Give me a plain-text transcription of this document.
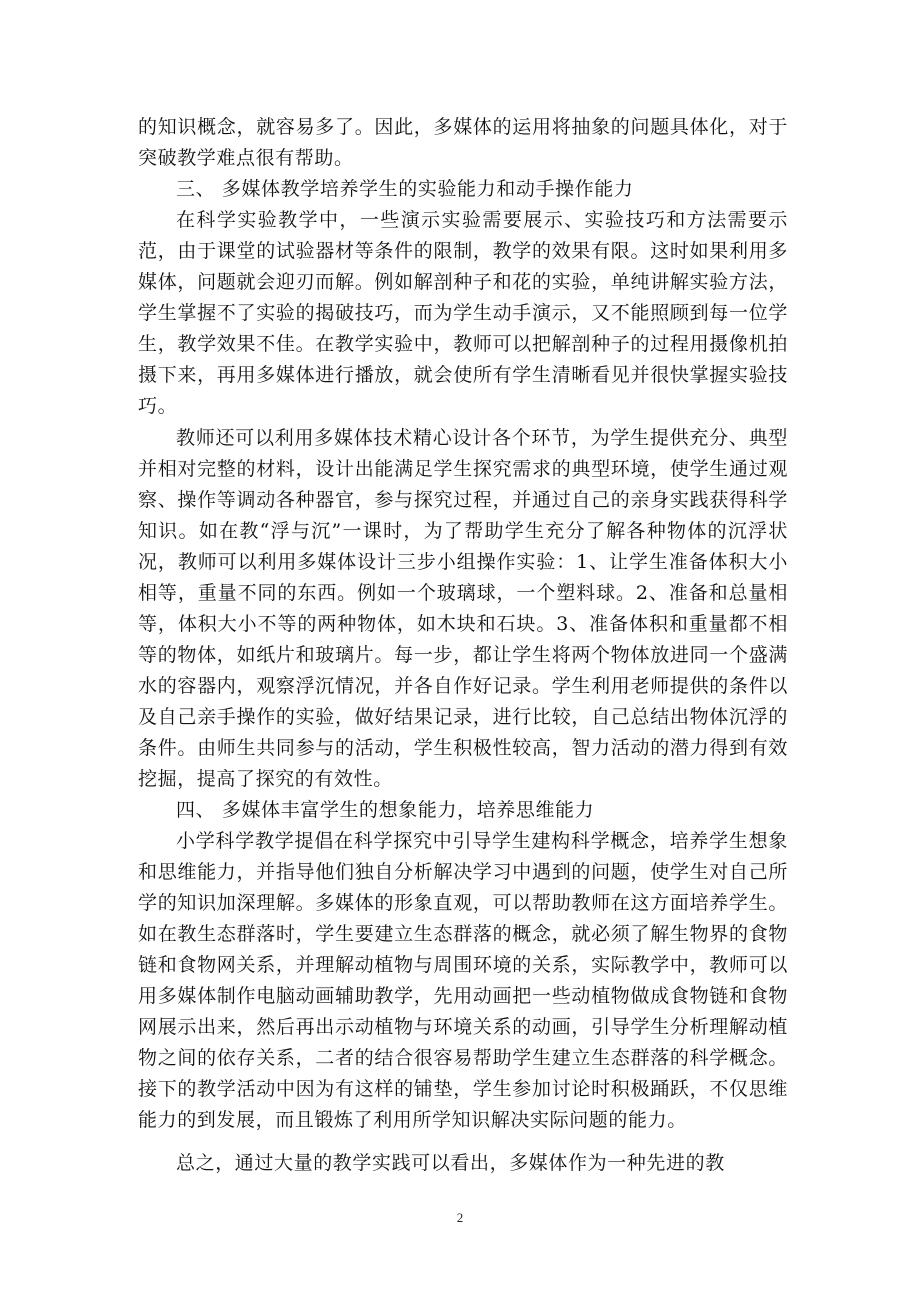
的知识概念，就容易多了。因此，多媒体的运用将抽象的问题具体化，对于突破教学难点很有帮助。

三、 多媒体教学培养学生的实验能力和动手操作能力

在科学实验教学中，一些演示实验需要展示、实验技巧和方法需要示范，由于课堂的试验器材等条件的限制，教学的效果有限。这时如果利用多媒体，问题就会迎刃而解。例如解剖种子和花的实验，单纯讲解实验方法，学生掌握不了实验的揭破技巧，而为学生动手演示，又不能照顾到每一位学生，教学效果不佳。在教学实验中，教师可以把解剖种子的过程用摄像机拍摄下来，再用多媒体进行播放，就会使所有学生清晰看见并很快掌握实验技巧。

教师还可以利用多媒体技术精心设计各个环节，为学生提供充分、典型并相对完整的材料，设计出能满足学生探究需求的典型环境，使学生通过观察、操作等调动各种器官，参与探究过程，并通过自己的亲身实践获得科学知识。如在教“浮与沉”一课时，为了帮助学生充分了解各种物体的沉浮状况，教师可以利用多媒体设计三步小组操作实验：1、让学生准备体积大小相等，重量不同的东西。例如一个玻璃球，一个塑料球。2、准备和总量相等，体积大小不等的两种物体，如木块和石块。3、准备体积和重量都不相等的物体，如纸片和玻璃片。每一步，都让学生将两个物体放进同一个盛满水的容器内，观察浮沉情况，并各自作好记录。学生利用老师提供的条件以及自己亲手操作的实验，做好结果记录，进行比较，自己总结出物体沉浮的条件。由师生共同参与的活动，学生积极性较高，智力活动的潜力得到有效挖掘，提高了探究的有效性。

四、 多媒体丰富学生的想象能力，培养思维能力

小学科学教学提倡在科学探究中引导学生建构科学概念，培养学生想象和思维能力，并指导他们独自分析解决学习中遇到的问题，使学生对自己所学的知识加深理解。多媒体的形象直观，可以帮助教师在这方面培养学生。如在教生态群落时，学生要建立生态群落的概念，就必须了解生物界的食物链和食物网关系，并理解动植物与周围环境的关系，实际教学中，教师可以用多媒体制作电脑动画辅助教学，先用动画把一些动植物做成食物链和食物网展示出来，然后再出示动植物与环境关系的动画，引导学生分析理解动植物之间的依存关系，二者的结合很容易帮助学生建立生态群落的科学概念。接下的教学活动中因为有这样的铺垫，学生参加讨论时积极踊跃，不仅思维能力的到发展，而且锻炼了利用所学知识解决实际问题的能力。

总之，通过大量的教学实践可以看出，多媒体作为一种先进的教

2
